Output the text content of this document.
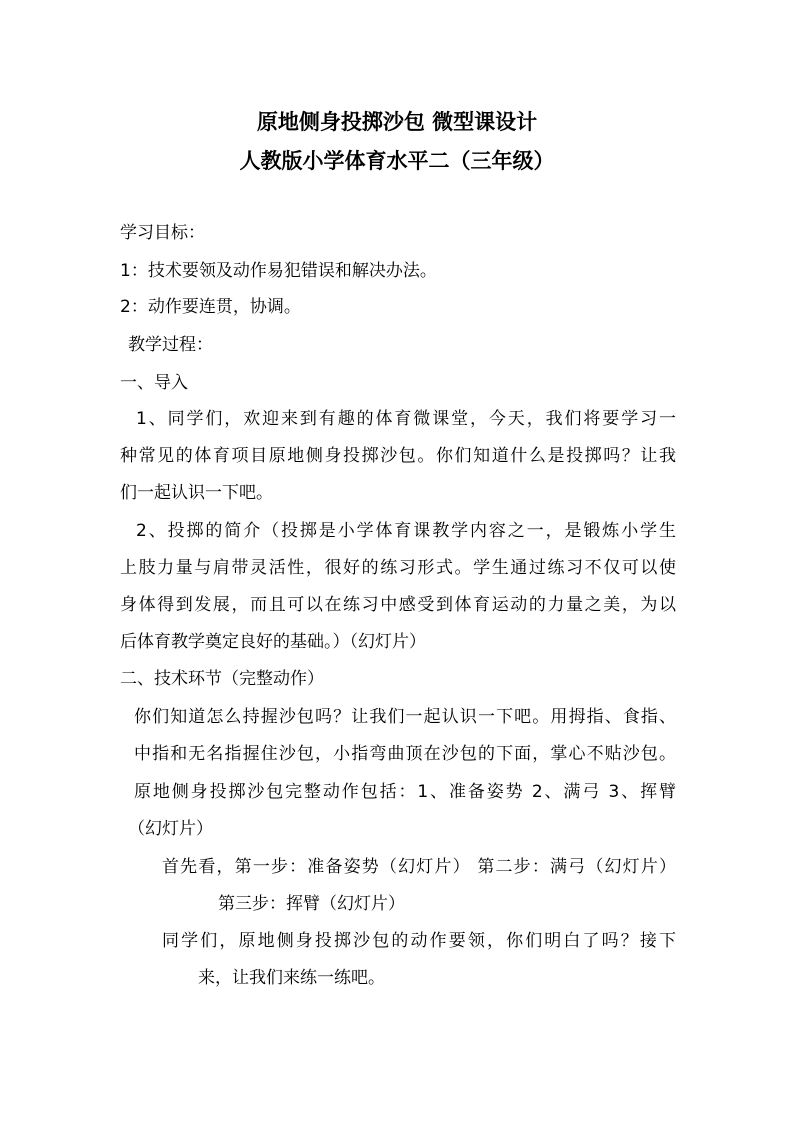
原地侧身投掷沙包 微型课设计
人教版小学体育水平二（三年级）
学习目标：
1：技术要领及动作易犯错误和解决办法。
2：动作要连贯，协调。
教学过程：
一、导入
1、同学们，欢迎来到有趣的体育微课堂，今天，我们将要学习一
种常见的体育项目原地侧身投掷沙包。你们知道什么是投掷吗？让我
们一起认识一下吧。
2、投掷的简介（投掷是小学体育课教学内容之一，是锻炼小学生
上肢力量与肩带灵活性，很好的练习形式。学生通过练习不仅可以使
身体得到发展，而且可以在练习中感受到体育运动的力量之美，为以
后体育教学奠定良好的基础。）（幻灯片）
二、技术环节（完整动作）
你们知道怎么持握沙包吗？让我们一起认识一下吧。用拇指、食指、
中指和无名指握住沙包，小指弯曲顶在沙包的下面，掌心不贴沙包。
原地侧身投掷沙包完整动作包括：1、准备姿势 2、满弓 3、挥臂
（幻灯片）
首先看，第一步：准备姿势（幻灯片） 第二步：满弓（幻灯片）
第三步：挥臂（幻灯片）
同学们，原地侧身投掷沙包的动作要领，你们明白了吗？接下
来，让我们来练一练吧。
